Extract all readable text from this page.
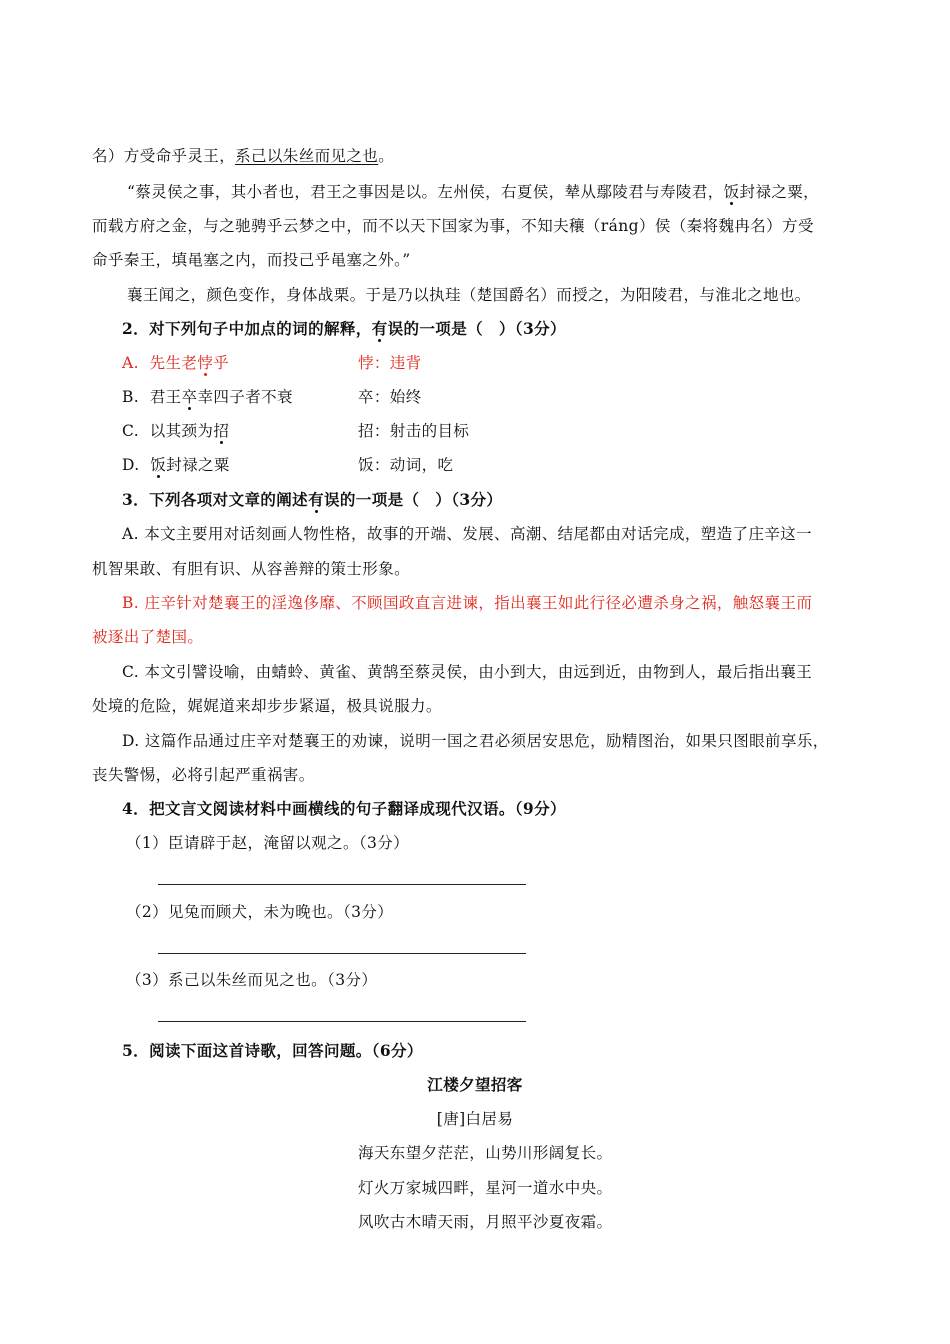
名）方受命乎灵王，系己以朱丝而见之也。
“蔡灵侯之事，其小者也，君王之事因是以。左州侯，右夏侯，辇从鄢陵君与寿陵君，饭封禄之粟，
而载方府之金，与之驰骋乎云梦之中，而不以天下国家为事，不知夫穰（ráng）侯（秦将魏冉名）方受
命乎秦王，填黾塞之内，而投己乎黾塞之外。”
襄王闻之，颜色变作，身体战栗。于是乃以执珪（楚国爵名）而授之，为阳陵君，与淮北之地也。
2．对下列句子中加点的词的解释，有误的一项是（　）（3分）
A. 先生老悖乎	悖：违背
B. 君王卒幸四子者不衰	卒：始终
C. 以其颈为招	招：射击的目标
D. 饭封禄之粟	饭：动词，吃
3．下列各项对文章的阐述有误的一项是（　）（3分）
A. 本文主要用对话刻画人物性格，故事的开端、发展、高潮、结尾都由对话完成，塑造了庄辛这一
机智果敢、有胆有识、从容善辩的策士形象。
B. 庄辛针对楚襄王的淫逸侈靡、不顾国政直言进谏，指出襄王如此行径必遭杀身之祸，触怒襄王而
被逐出了楚国。
C. 本文引譬设喻，由蜻蛉、黄雀、黄鹄至蔡灵侯，由小到大，由远到近，由物到人，最后指出襄王
处境的危险，娓娓道来却步步紧逼，极具说服力。
D. 这篇作品通过庄辛对楚襄王的劝谏，说明一国之君必须居安思危，励精图治，如果只图眼前享乐，
丧失警惕，必将引起严重祸害。
4．把文言文阅读材料中画横线的句子翻译成现代汉语。（9分）
（1）臣请辟于赵，淹留以观之。（3分）
（2）见兔而顾犬，未为晚也。（3分）
（3）系己以朱丝而见之也。（3分）
5．阅读下面这首诗歌，回答问题。（6分）
江楼夕望招客
[唐]白居易
海天东望夕茫茫，山势川形阔复长。
灯火万家城四畔，星河一道水中央。
风吹古木晴天雨，月照平沙夏夜霜。
